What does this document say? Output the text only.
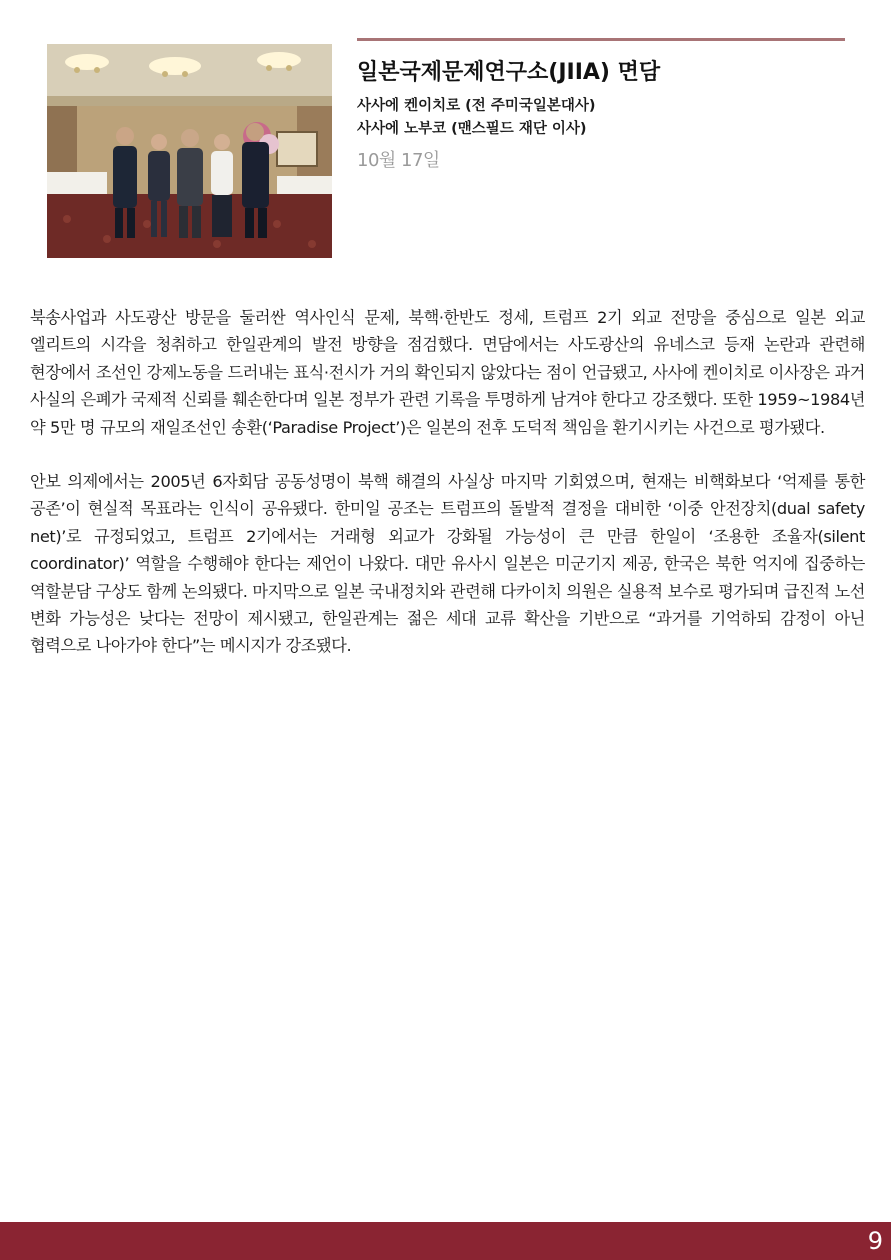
일본국제문제연구소(JIIA) 면담
사사에 켄이치로 (전 주미국일본대사)
사사에 노부코 (맨스필드 재단 이사)
10월 17일

북송사업과 사도광산 방문을 둘러싼 역사인식 문제, 북핵·한반도 정세, 트럼프 2기 외교 전망을 중심으로 일본 외교 엘리트의 시각을 청취하고 한일관계의 발전 방향을 점검했다. 면담에서는 사도광산의 유네스코 등재 논란과 관련해 현장에서 조선인 강제노동을 드러내는 표식·전시가 거의 확인되지 않았다는 점이 언급됐고, 사사에 켄이치로 이사장은 과거 사실의 은폐가 국제적 신뢰를 훼손한다며 일본 정부가 관련 기록을 투명하게 남겨야 한다고 강조했다. 또한 1959~1984년 약 5만 명 규모의 재일조선인 송환(‘Paradise Project’)은 일본의 전후 도덕적 책임을 환기시키는 사건으로 평가됐다.

안보 의제에서는 2005년 6자회담 공동성명이 북핵 해결의 사실상 마지막 기회였으며, 현재는 비핵화보다 ‘억제를 통한 공존’이 현실적 목표라는 인식이 공유됐다. 한미일 공조는 트럼프의 돌발적 결정을 대비한 ‘이중 안전장치(dual safety net)’로 규정되었고, 트럼프 2기에서는 거래형 외교가 강화될 가능성이 큰 만큼 한일이 ‘조용한 조율자(silent coordinator)’ 역할을 수행해야 한다는 제언이 나왔다. 대만 유사시 일본은 미군기지 제공, 한국은 북한 억지에 집중하는 역할분담 구상도 함께 논의됐다. 마지막으로 일본 국내정치와 관련해 다카이치 의원은 실용적 보수로 평가되며 급진적 노선 변화 가능성은 낮다는 전망이 제시됐고, 한일관계는 젊은 세대 교류 확산을 기반으로 “과거를 기억하되 감정이 아닌 협력으로 나아가야 한다”는 메시지가 강조됐다.

9
